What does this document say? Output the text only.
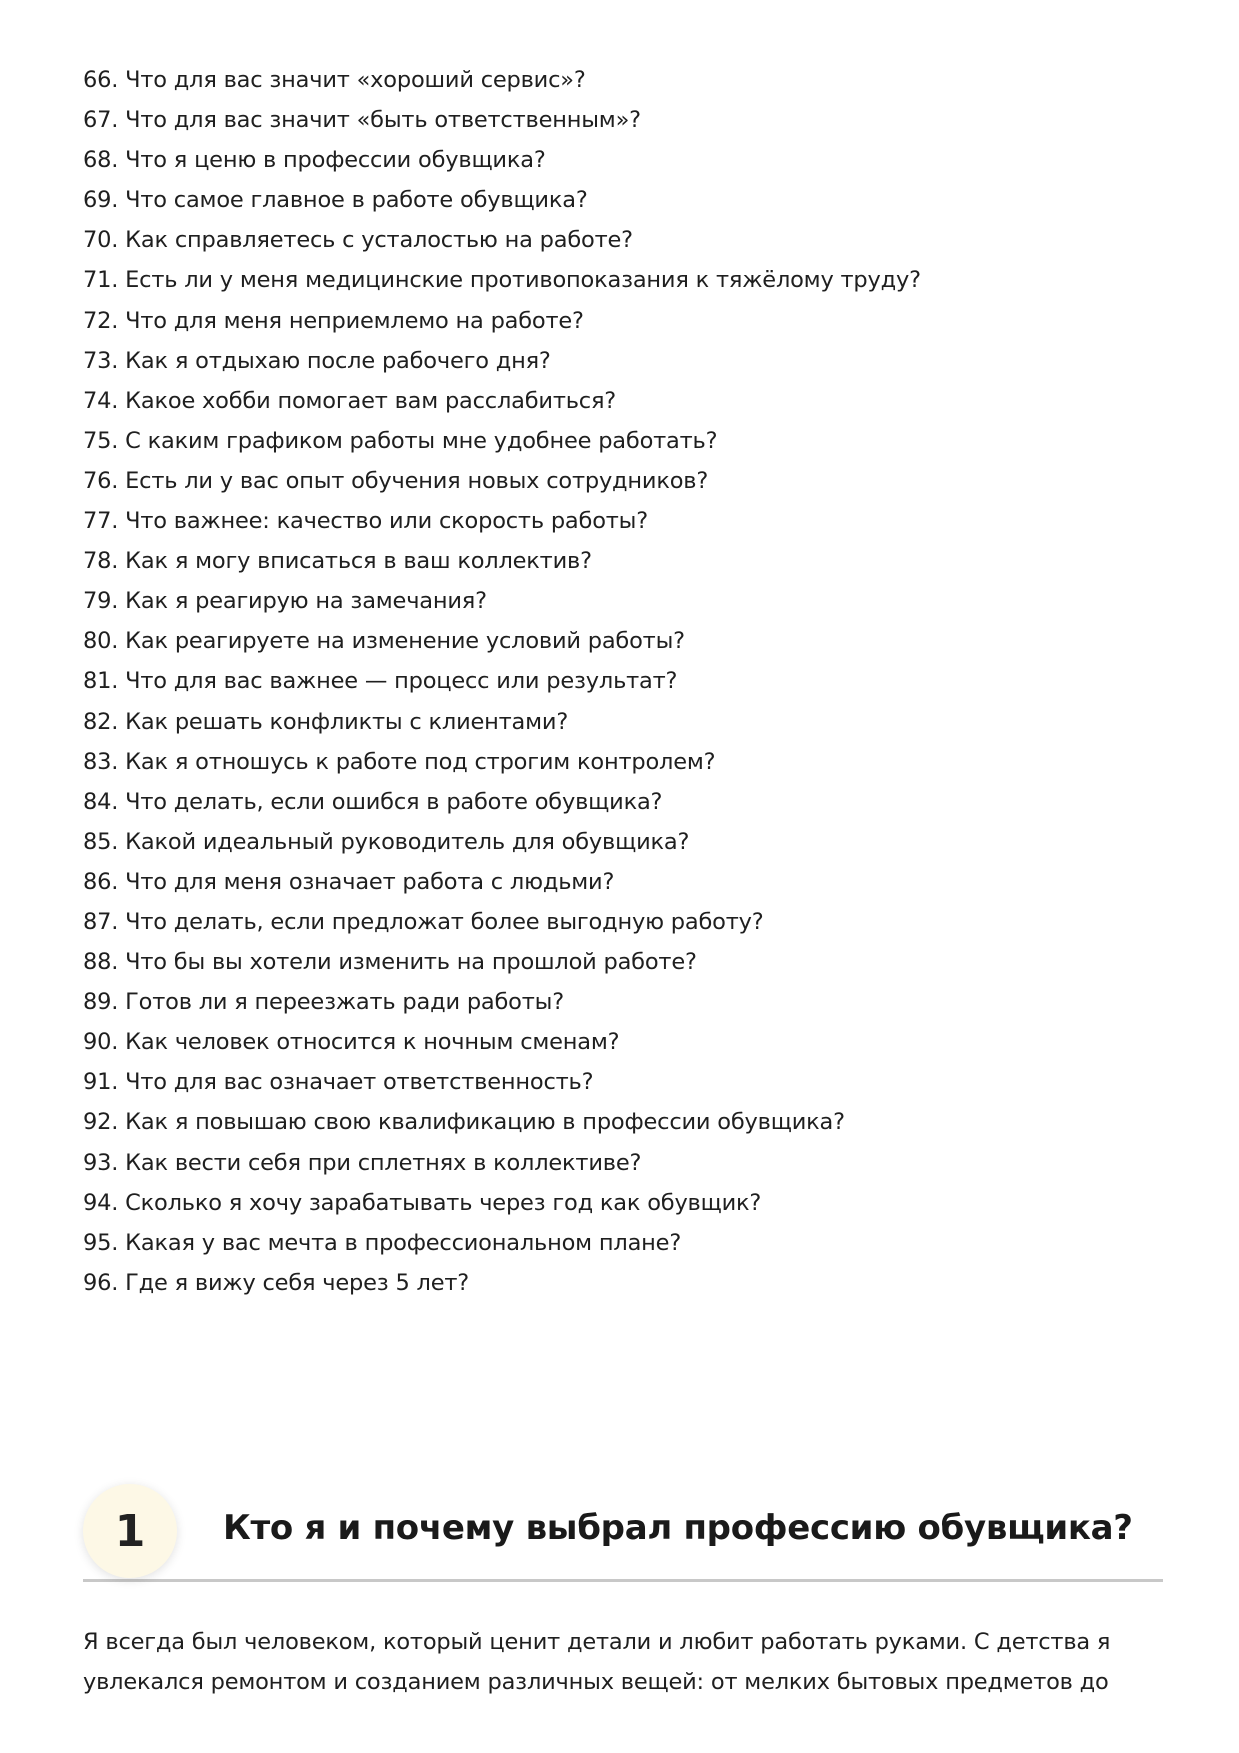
66. Что для вас значит «хороший сервис»?
67. Что для вас значит «быть ответственным»?
68. Что я ценю в профессии обувщика?
69. Что самое главное в работе обувщика?
70. Как справляетесь с усталостью на работе?
71. Есть ли у меня медицинские противопоказания к тяжёлому труду?
72. Что для меня неприемлемо на работе?
73. Как я отдыхаю после рабочего дня?
74. Какое хобби помогает вам расслабиться?
75. С каким графиком работы мне удобнее работать?
76. Есть ли у вас опыт обучения новых сотрудников?
77. Что важнее: качество или скорость работы?
78. Как я могу вписаться в ваш коллектив?
79. Как я реагирую на замечания?
80. Как реагируете на изменение условий работы?
81. Что для вас важнее — процесс или результат?
82. Как решать конфликты с клиентами?
83. Как я отношусь к работе под строгим контролем?
84. Что делать, если ошибся в работе обувщика?
85. Какой идеальный руководитель для обувщика?
86. Что для меня означает работа с людьми?
87. Что делать, если предложат более выгодную работу?
88. Что бы вы хотели изменить на прошлой работе?
89. Готов ли я переезжать ради работы?
90. Как человек относится к ночным сменам?
91. Что для вас означает ответственность?
92. Как я повышаю свою квалификацию в профессии обувщика?
93. Как вести себя при сплетнях в коллективе?
94. Сколько я хочу зарабатывать через год как обувщик?
95. Какая у вас мечта в профессиональном плане?
96. Где я вижу себя через 5 лет?
1	Кто я и почему выбрал профессию обувщика?

Я всегда был человеком, который ценит детали и любит работать руками. С детства я увлекался ремонтом и созданием различных вещей: от мелких бытовых предметов до
